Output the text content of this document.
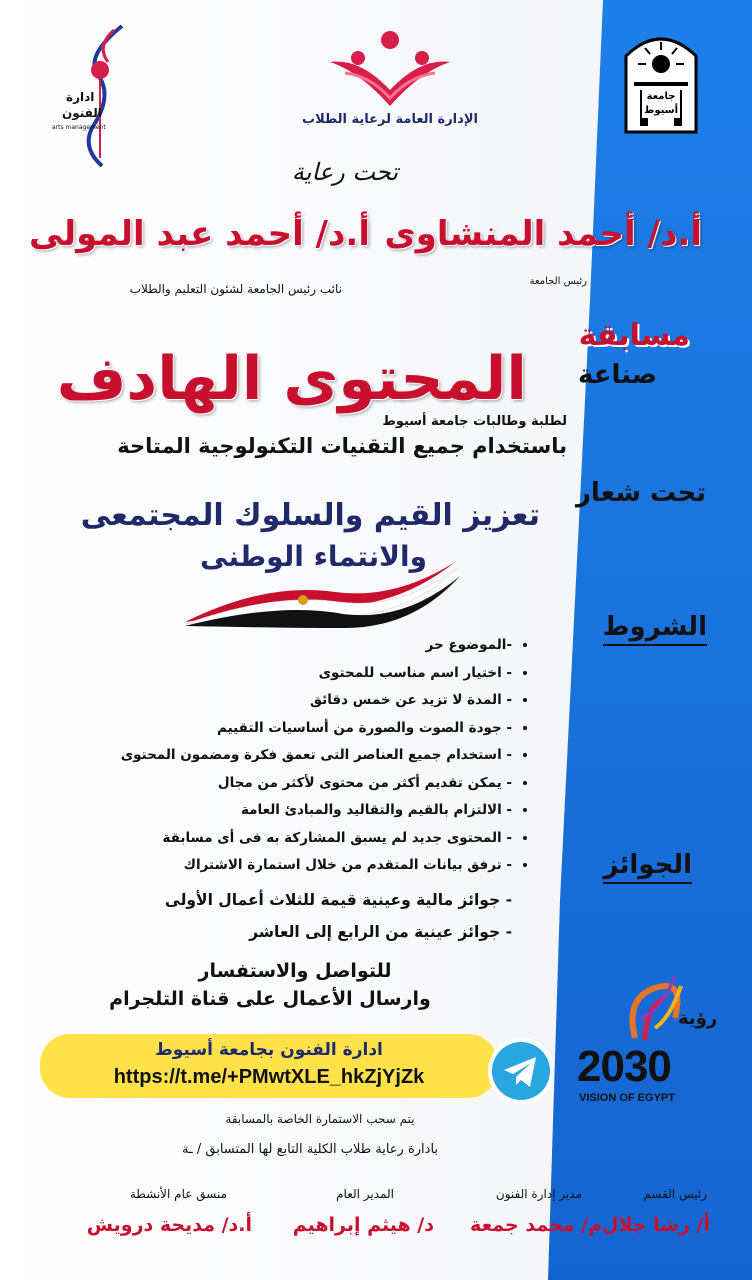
جامعة أسيوط
الإدارة العامة لرعاية الطلاب
ادارة
الفنون
arts management
تحت رعاية
أ.د/ أحمد المنشاوى
أ.د/ أحمد عبد المولى
رئيس الجامعة
نائب رئيس الجامعة لشئون التعليم والطلاب
مسابقة
صناعة
المحتوى الهادف
لطلبة وطالبات جامعة أسيوط
باستخدام جميع التقنيات التكنولوجية المتاحة
تحت شعار
تعزيز القيم والسلوك المجتمعى
والانتماء الوطنى
الشروط
• -الموضوع حر
• - اختيار اسم مناسب للمحتوى
• - المدة لا تزيد عن خمس دقائق
• - جودة الصوت والصورة من أساسيات التقييم
• - استخدام جميع العناصر التى تعمق فكرة ومضمون المحتوى
• - يمكن تقديم أكثر من محتوى لأكثر من مجال
• - الالتزام بالقيم والتقاليد والمبادئ العامة
• - المحتوى جديد لم يسبق المشاركة به فى أى مسابقة
• - ترفق بيانات المتقدم من خلال استمارة الاشتراك	الجوائز
- جوائز مالية وعينية قيمة للثلاث أعمال الأولى
- جوائز عينية من الرابع إلى العاشر
للتواصل والاستفسار
وارسال الأعمال على قناة التلجرام
ادارة الفنون بجامعة أسيوط
https://t.me/+PMwtXLE_hkZjYjZk
رؤية
2030
VISION OF EGYPT
يتم سحب الاستمارة الخاصة بالمسابقة
بادارة رعاية طلاب الكلية التابع لها المتسابق / ـة
رئيس القسم
أ/ رشا جلال
مدير إدارة الفنون
م/ محمد جمعة
المدير العام
د/ هيثم إبراهيم
منسق عام الأنشطة
أ.د/ مديحة درويش
